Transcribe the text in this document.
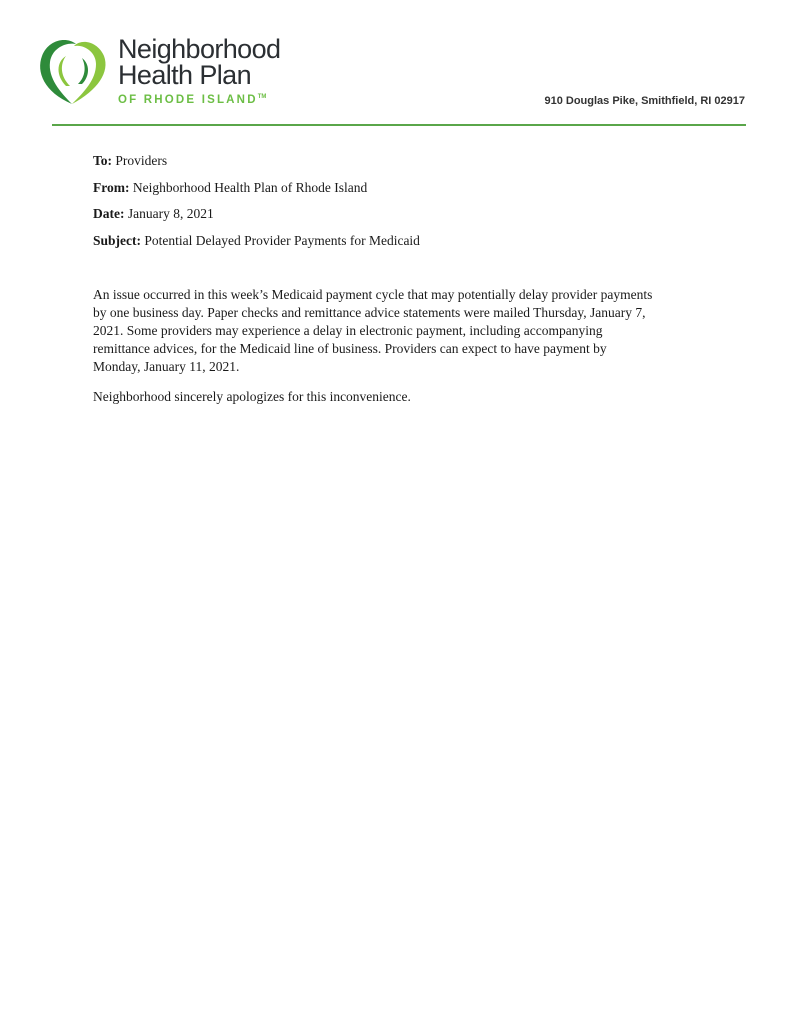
Neighborhood
Health Plan
OF RHODE ISLAND™	910 Douglas Pike, Smithfield, RI 02917
To: Providers
From: Neighborhood Health Plan of Rhode Island
Date: January 8, 2021
Subject: Potential Delayed Provider Payments for Medicaid

An issue occurred in this week’s Medicaid payment cycle that may potentially delay provider payments by one business day. Paper checks and remittance advice statements were mailed Thursday, January 7, 2021. Some providers may experience a delay in electronic payment, including accompanying remittance advices, for the Medicaid line of business. Providers can expect to have payment by Monday, January 11, 2021.

Neighborhood sincerely apologizes for this inconvenience.
